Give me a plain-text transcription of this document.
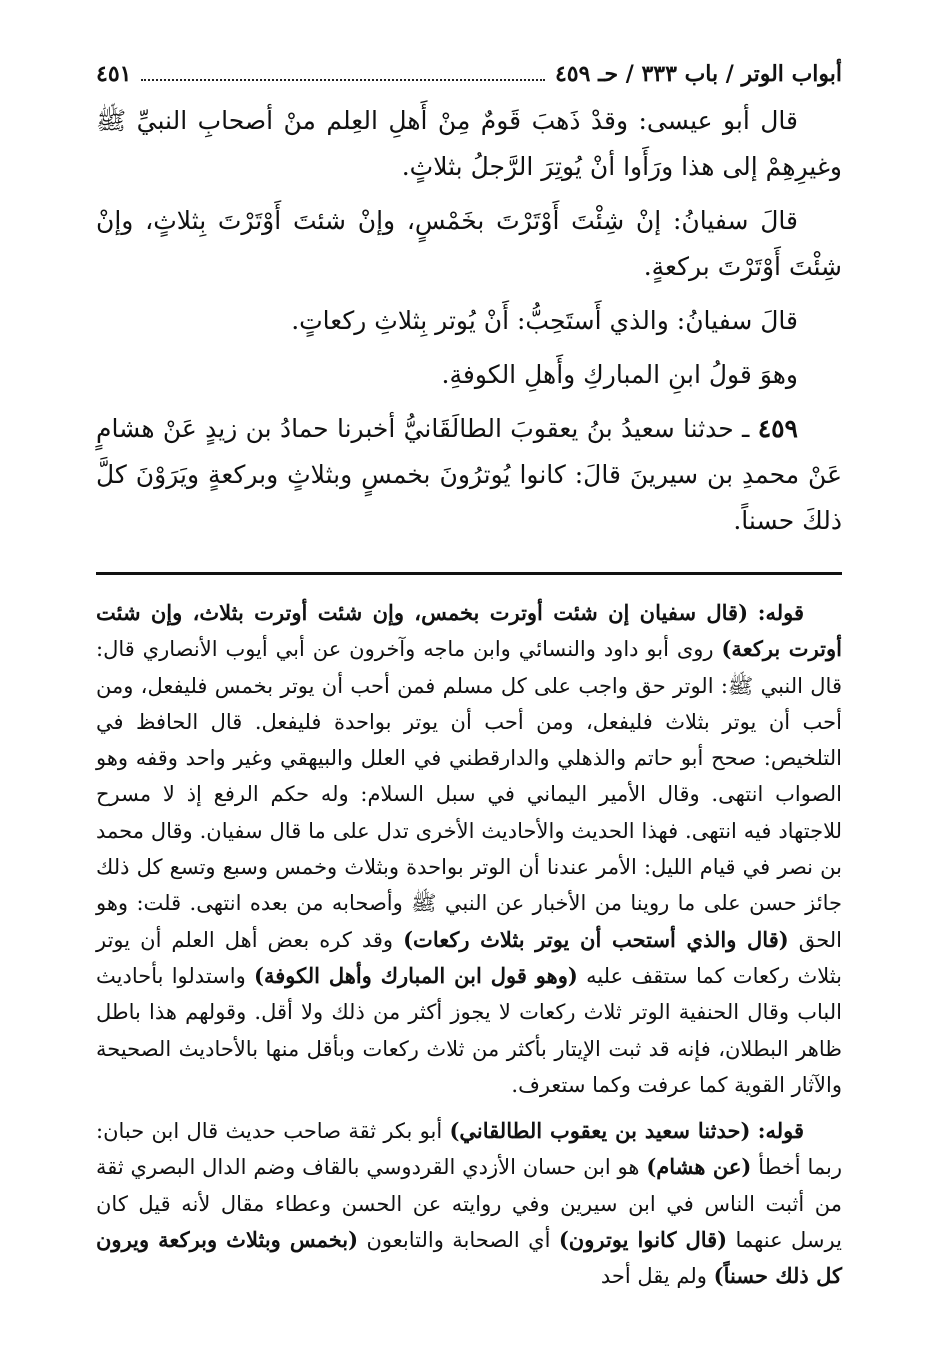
أبواب الوتر / باب ٣٣٣ / حـ ٤٥٩
٤٥١

قال أبو عيسى: وقدْ ذَهبَ قَومٌ مِنْ أَهلِ العِلم منْ أصحابِ النبيِّ ﷺ وغيرِهِمْ إلى هذا ورَأَوا أنْ يُوتِرَ الرَّجلُ بثلاثٍ.

قالَ سفيانُ: إنْ شِئْتَ أَوْتَرْتَ بخَمْسٍ، وإنْ شئتَ أَوْتَرْتَ بِثلاثٍ، وإنْ شِئْتَ أَوْتَرْتَ بركعةٍ.

قالَ سفيانُ: والذي أَستَحِبُّ: أَنْ يُوتر بِثلاثِ ركعاتٍ.

وهوَ قولُ ابنِ المباركِ وأَهلِ الكوفةِ.

٤٥٩ ـ حدثنا سعيدُ بنُ يعقوبَ الطالَقَانيُّ أخبرنا حمادُ بن زيدٍ عَنْ هشامٍ عَنْ محمدِ بن سيرينَ قالَ: كانوا يُوترُونَ بخمسٍ وبثلاثٍ وبركعةٍ ويَرَوْنَ كلَّ ذلكَ حسناً.

قوله: (قال سفيان إن شئت أوترت بخمس، وإن شئت أوترت بثلاث، وإن شئت أوترت بركعة) روى أبو داود والنسائي وابن ماجه وآخرون عن أبي أيوب الأنصاري قال: قال النبي ﷺ: الوتر حق واجب على كل مسلم فمن أحب أن يوتر بخمس فليفعل، ومن أحب أن يوتر بثلاث فليفعل، ومن أحب أن يوتر بواحدة فليفعل. قال الحافظ في التلخيص: صحح أبو حاتم والذهلي والدارقطني في العلل والبيهقي وغير واحد وقفه وهو الصواب انتهى. وقال الأمير اليماني في سبل السلام: وله حكم الرفع إذ لا مسرح للاجتهاد فيه انتهى. فهذا الحديث والأحاديث الأخرى تدل على ما قال سفيان. وقال محمد بن نصر في قيام الليل: الأمر عندنا أن الوتر بواحدة وبثلاث وخمس وسبع وتسع كل ذلك جائز حسن على ما روينا من الأخبار عن النبي ﷺ وأصحابه من بعده انتهى. قلت: وهو الحق (قال والذي أستحب أن يوتر بثلاث ركعات) وقد كره بعض أهل العلم أن يوتر بثلاث ركعات كما ستقف عليه (وهو قول ابن المبارك وأهل الكوفة) واستدلوا بأحاديث الباب وقال الحنفية الوتر ثلاث ركعات لا يجوز أكثر من ذلك ولا أقل. وقولهم هذا باطل ظاهر البطلان، فإنه قد ثبت الإيتار بأكثر من ثلاث ركعات وبأقل منها بالأحاديث الصحيحة والآثار القوية كما عرفت وكما ستعرف.

قوله: (حدثنا سعيد بن يعقوب الطالقاني) أبو بكر ثقة صاحب حديث قال ابن حبان: ربما أخطأ (عن هشام) هو ابن حسان الأزدي القردوسي بالقاف وضم الدال البصري ثقة من أثبت الناس في ابن سيرين وفي روايته عن الحسن وعطاء مقال لأنه قيل كان يرسل عنهما (قال كانوا يوترون) أي الصحابة والتابعون (بخمس وبثلاث وبركعة ويرون كل ذلك حسناً) ولم يقل أحد
